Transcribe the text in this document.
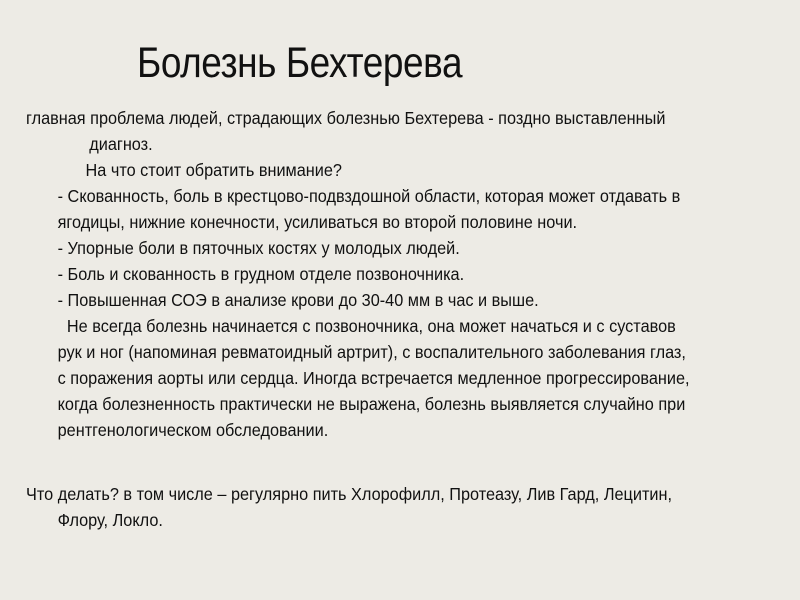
Болезнь Бехтерева
главная проблема людей, страдающих болезнью Бехтерева - поздно выставленный
диагноз.
На что стоит обратить внимание?
- Скованность, боль в крестцово-подвздошной области, которая может отдавать в
ягодицы, нижние конечности, усиливаться во второй половине ночи.
- Упорные боли в пяточных костях у молодых людей.
- Боль и скованность в грудном отделе позвоночника.
- Повышенная СОЭ в анализе крови до 30-40 мм в час и выше.
Не всегда болезнь начинается с позвоночника, она может начаться и с суставов
рук и ног (напоминая ревматоидный артрит), с воспалительного заболевания глаз,
с поражения аорты или сердца. Иногда встречается медленное прогрессирование,
когда болезненность практически не выражена, болезнь выявляется случайно при
рентгенологическом обследовании.
Что делать? в том числе – регулярно пить Хлорофилл, Протеазу, Лив Гард, Лецитин,
Флору, Локло.
